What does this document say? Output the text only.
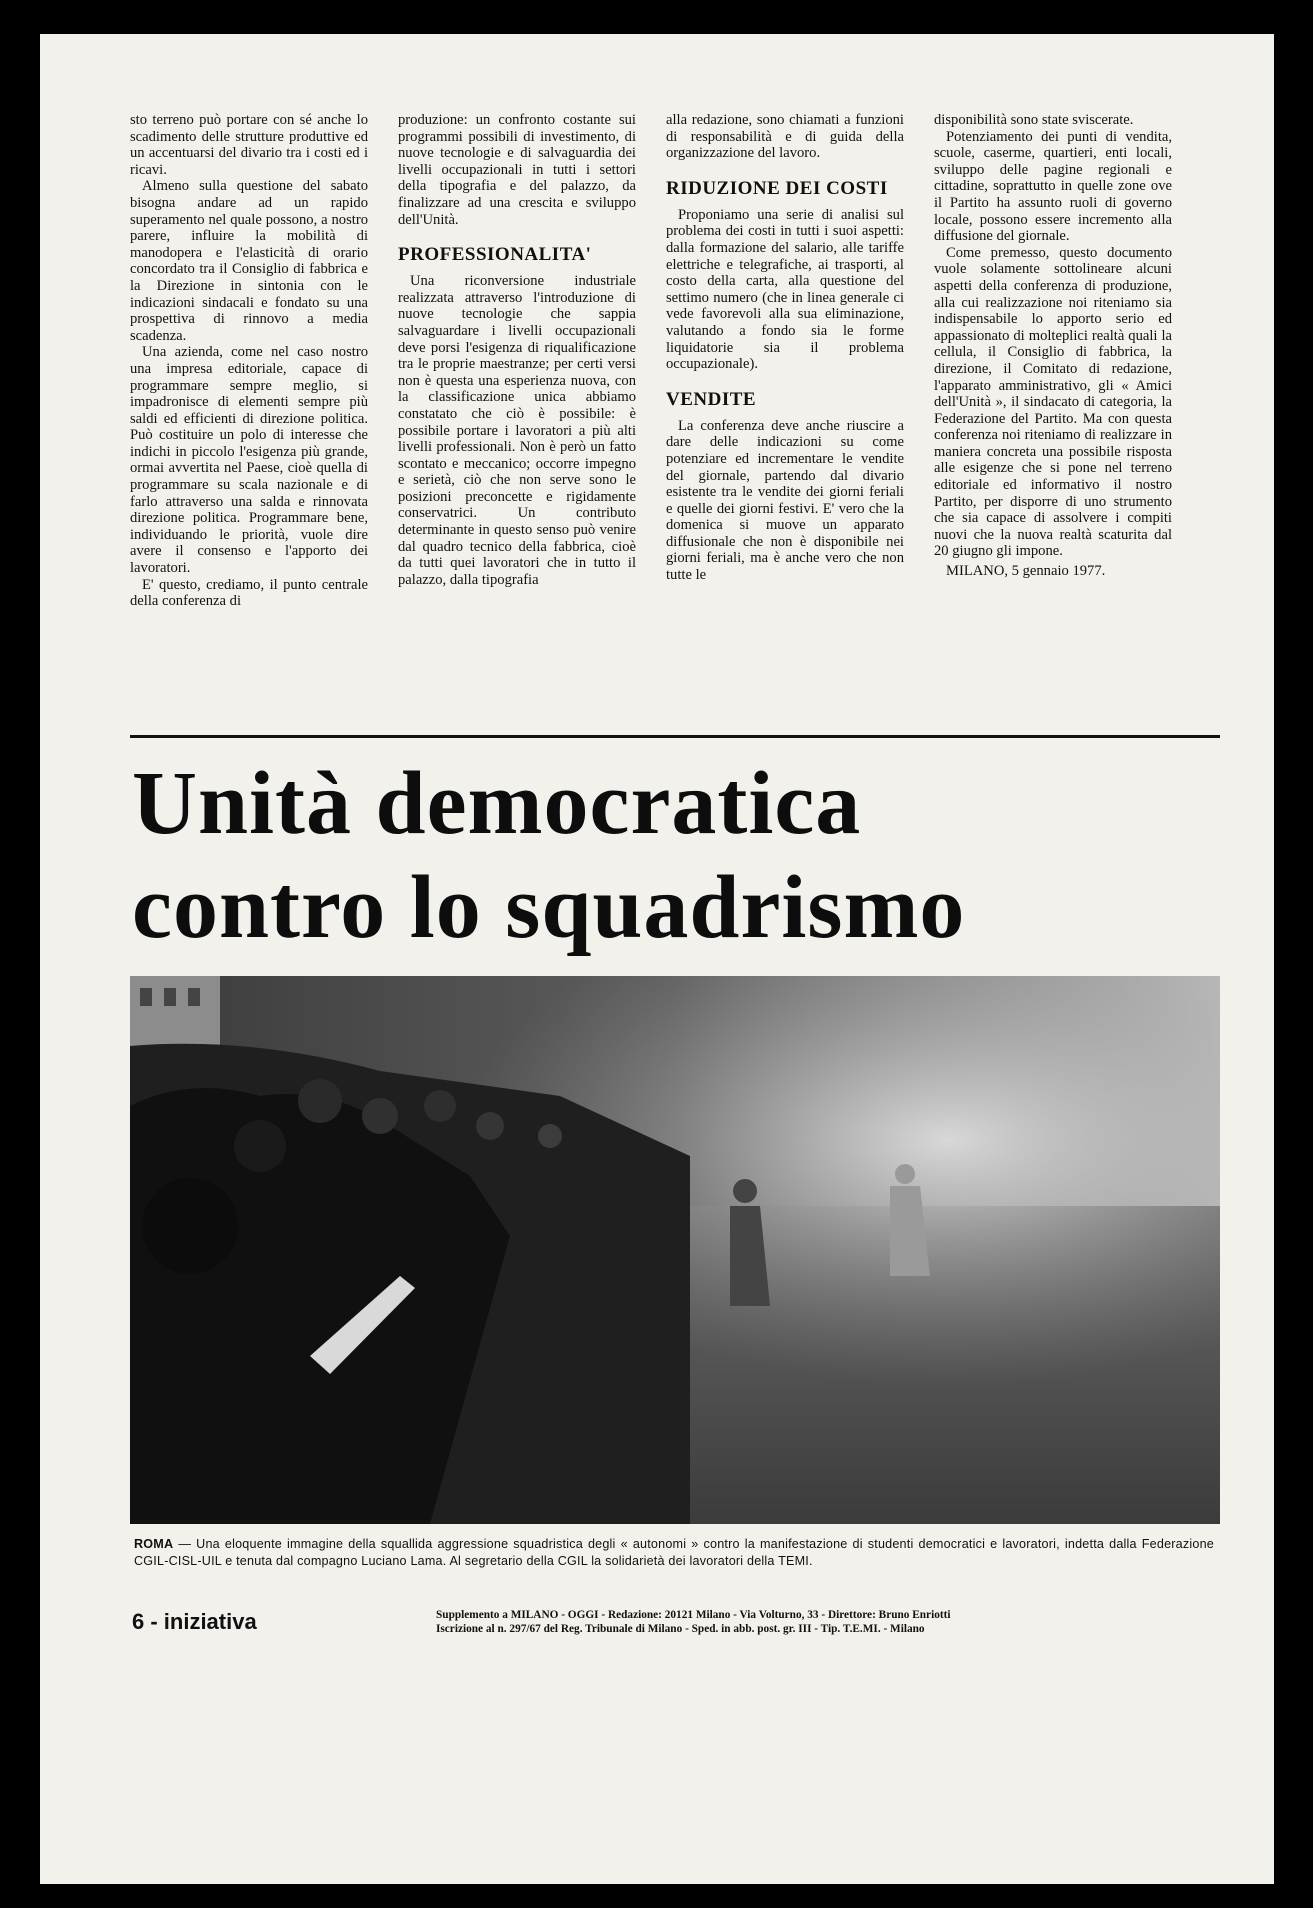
sto terreno può portare con sé anche lo scadimento delle strutture produttive ed un accentuarsi del divario tra i costi ed i ricavi.

Almeno sulla questione del sabato bisogna andare ad un rapido superamento nel quale possono, a nostro parere, influire la mobilità di manodopera e l'elasticità di orario concordato tra il Consiglio di fabbrica e la Direzione in sintonia con le indicazioni sindacali e fondato su una prospettiva di rinnovo a media scadenza.

Una azienda, come nel caso nostro una impresa editoriale, capace di programmare sempre meglio, si impadronisce di elementi sempre più saldi ed efficienti di direzione politica. Può costituire un polo di interesse che indichi in piccolo l'esigenza più grande, ormai avvertita nel Paese, cioè quella di programmare su scala nazionale e di farlo attraverso una salda e rinnovata direzione politica. Programmare bene, individuando le priorità, vuole dire avere il consenso e l'apporto dei lavoratori.

E' questo, crediamo, il punto centrale della conferenza di

produzione: un confronto costante sui programmi possibili di investimento, di nuove tecnologie e di salvaguardia dei livelli occupazionali in tutti i settori della tipografia e del palazzo, da finalizzare ad una crescita e sviluppo dell'Unità.

PROFESSIONALITA'

Una riconversione industriale realizzata attraverso l'introduzione di nuove tecnologie che sappia salvaguardare i livelli occupazionali deve porsi l'esigenza di riqualificazione tra le proprie maestranze; per certi versi non è questa una esperienza nuova, con la classificazione unica abbiamo constatato che ciò è possibile: è possibile portare i lavoratori a più alti livelli professionali. Non è però un fatto scontato e meccanico; occorre impegno e serietà, ciò che non serve sono le posizioni preconcette e rigidamente conservatrici. Un contributo determinante in questo senso può venire dal quadro tecnico della fabbrica, cioè da tutti quei lavoratori che in tutto il palazzo, dalla tipografia

alla redazione, sono chiamati a funzioni di responsabilità e di guida della organizzazione del lavoro.

RIDUZIONE DEI COSTI

Proponiamo una serie di analisi sul problema dei costi in tutti i suoi aspetti: dalla formazione del salario, alle tariffe elettriche e telegrafiche, ai trasporti, al costo della carta, alla questione del settimo numero (che in linea generale ci vede favorevoli alla sua eliminazione, valutando a fondo sia le forme liquidatorie sia il problema occupazionale).

VENDITE

La conferenza deve anche riuscire a dare delle indicazioni su come potenziare ed incrementare le vendite del giornale, partendo dal divario esistente tra le vendite dei giorni feriali e quelle dei giorni festivi. E' vero che la domenica si muove un apparato diffusionale che non è disponibile nei giorni feriali, ma è anche vero che non tutte le

disponibilità sono state sviscerate.

Potenziamento dei punti di vendita, scuole, caserme, quartieri, enti locali, sviluppo delle pagine regionali e cittadine, soprattutto in quelle zone ove il Partito ha assunto ruoli di governo locale, possono essere incremento alla diffusione del giornale.

Come premesso, questo documento vuole solamente sottolineare alcuni aspetti della conferenza di produzione, alla cui realizzazione noi riteniamo sia indispensabile lo apporto serio ed appassionato di molteplici realtà quali la cellula, il Consiglio di fabbrica, la direzione, il Comitato di redazione, l'apparato amministrativo, gli « Amici dell'Unità », il sindacato di categoria, la Federazione del Partito. Ma con questa conferenza noi riteniamo di realizzare in maniera concreta una possibile risposta alle esigenze che si pone nel terreno editoriale ed informativo il nostro Partito, per disporre di uno strumento che sia capace di assolvere i compiti nuovi che la nuova realtà scaturita dal 20 giugno gli impone.

MILANO, 5 gennaio 1977.

Unità democratica
contro lo squadrismo
ROMA — Una eloquente immagine della squallida aggressione squadristica degli « autonomi » contro la manifestazione di studenti democratici e lavoratori, indetta dalla Federazione CGIL-CISL-UIL e tenuta dal compagno Luciano Lama. Al segretario della CGIL la solidarietà dei lavoratori della TEMI.
6 - iniziativa	Supplemento a MILANO - OGGI - Redazione: 20121 Milano - Via Volturno, 33 - Direttore: Bruno Enriotti
Iscrizione al n. 297/67 del Reg. Tribunale di Milano - Sped. in abb. post. gr. III - Tip. T.E.MI. - Milano
